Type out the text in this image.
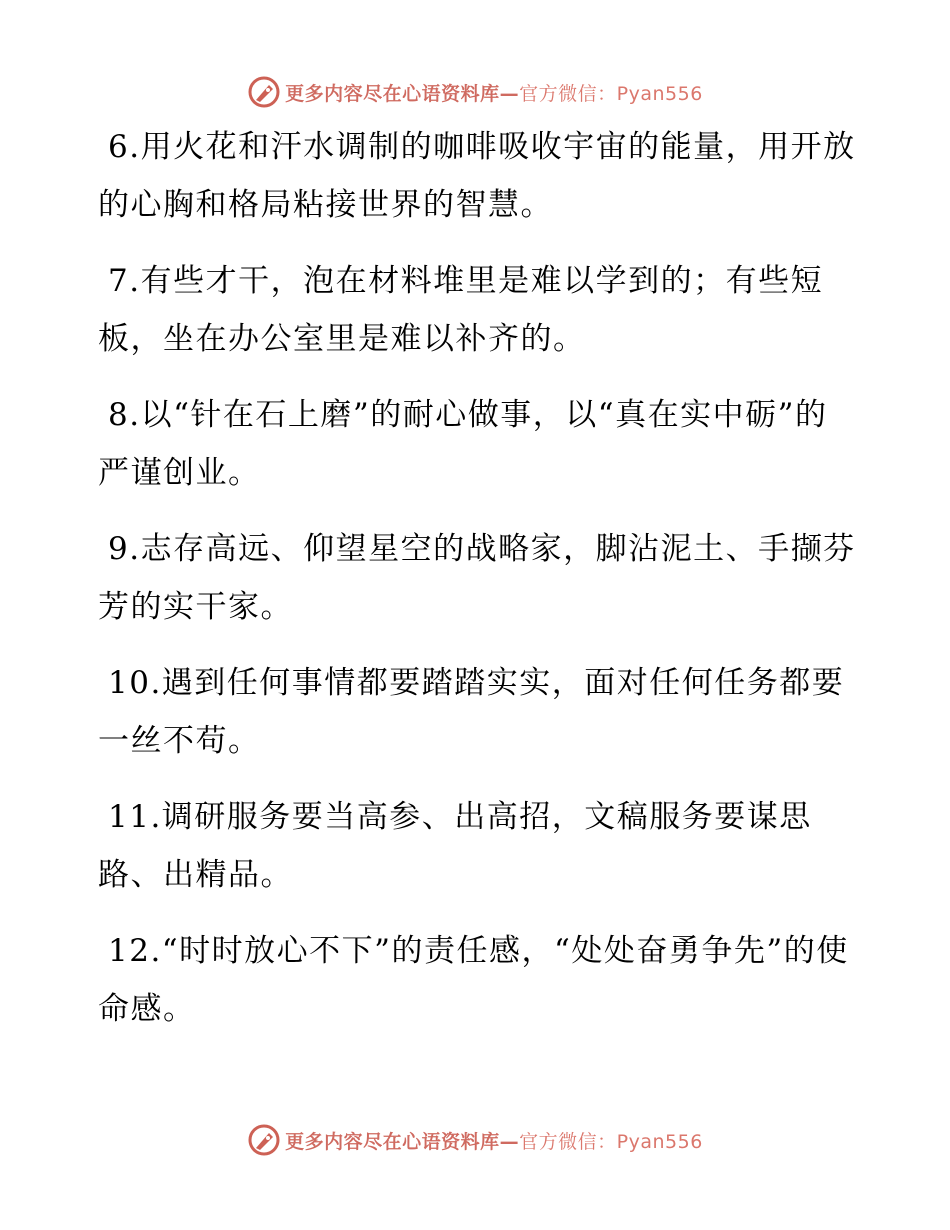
更多内容尽在心语资料库—官方微信：Pyan556

6.用火花和汗水调制的咖啡吸收宇宙的能量，用开放的心胸和格局粘接世界的智慧。

7.有些才干，泡在材料堆里是难以学到的；有些短板，坐在办公室里是难以补齐的。

8.以“针在石上磨”的耐心做事，以“真在实中砺”的严谨创业。

9.志存高远、仰望星空的战略家，脚沾泥土、手撷芬芳的实干家。

10.遇到任何事情都要踏踏实实，面对任何任务都要一丝不苟。

11.调研服务要当高参、出高招，文稿服务要谋思路、出精品。

12.“时时放心不下”的责任感，“处处奋勇争先”的使命感。

更多内容尽在心语资料库—官方微信：Pyan556
